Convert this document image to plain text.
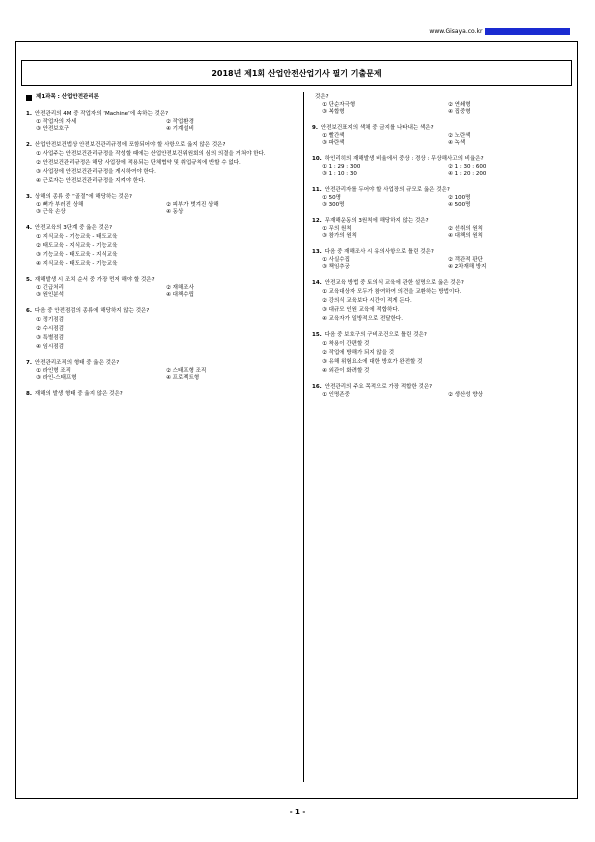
www.Gisaya.co.kr http://www.gisaya.co.kr
2018년 제1회 산업안전산업기사 필기 기출문제
제1과목 : 산업안전관리론
1. 안전관리의 4M 중 작업자의 ‘Machine’에 속하는 것은?
① 작업자의 자세	② 작업환경
③ 안전보호구	④ 기계설비
2. 산업안전보건법상 안전보건관리규정에 포함되어야 할 사항으로 옳지 않은 것은?
① 사업주는 안전보건관리규정을 작성할 때에는 산업안전보건위원회의 심의 의결을 거쳐야 한다.
② 안전보건관리규정은 해당 사업장에 적용되는 단체협약 및 취업규칙에 반할 수 없다.
③ 사업장에 안전보건관리규정을 게시하여야 한다.
④ 근로자는 안전보건관리규정을 지켜야 한다.
3. 상해의 종류 중 “골절”에 해당하는 것은?
① 뼈가 부러진 상해	② 피부가 벗겨진 상해
③ 근육 손상	④ 동상
4. 안전교육의 3단계 중 옳은 것은?
① 지식교육 - 기능교육 - 태도교육
② 태도교육 - 지식교육 - 기능교육
③ 기능교육 - 태도교육 - 지식교육
④ 지식교육 - 태도교육 - 기능교육
5. 재해발생 시 조치 순서 중 가장 먼저 해야 할 것은?
① 긴급처리	② 재해조사
③ 원인분석	④ 대책수립
6. 다음 중 안전점검의 종류에 해당하지 않는 것은?
① 정기점검
② 수시점검
③ 특별점검
④ 임시점검
7. 안전관리조직의 형태 중 옳은 것은?
① 라인형 조직	② 스태프형 조직
③ 라인-스태프형	④ 프로젝트형
8. 재해의 발생 형태 중 옳지 않은 것은?
것은?
① 단순자극형	② 연쇄형
③ 복합형	④ 집중형
9. 안전보건표지의 색채 중 금지를 나타내는 색은?
① 빨간색	② 노란색
③ 파란색	④ 녹색
10. 하인리히의 재해발생 비율에서 중상 : 경상 : 무상해사고의 비율은?
① 1 : 29 : 300	② 1 : 30 : 600
③ 1 : 10 : 30	④ 1 : 20 : 200
11. 안전관리자를 두어야 할 사업장의 규모로 옳은 것은?
① 50명	② 100명
③ 300명	④ 500명
12. 무재해운동의 3원칙에 해당하지 않는 것은?
① 무의 원칙	② 선취의 원칙
③ 참가의 원칙	④ 대책의 원칙
13. 다음 중 재해조사 시 유의사항으로 틀린 것은?
① 사실수집	② 객관적 판단
③ 책임추궁	④ 2차재해 방지
14. 안전교육 방법 중 토의식 교육에 관한 설명으로 옳은 것은?
① 교육대상자 모두가 참여하여 의견을 교환하는 방법이다.
② 강의식 교육보다 시간이 적게 든다.
③ 대규모 인원 교육에 적합하다.
④ 교육자가 일방적으로 전달한다.
15. 다음 중 보호구의 구비조건으로 틀린 것은?
① 착용이 간편할 것
② 작업에 방해가 되지 않을 것
③ 유해 위험요소에 대한 방호가 완전할 것
④ 외관이 화려할 것
16. 안전관리의 주요 목적으로 가장 적합한 것은?
① 인명존중	② 생산성 향상
- 1 -
